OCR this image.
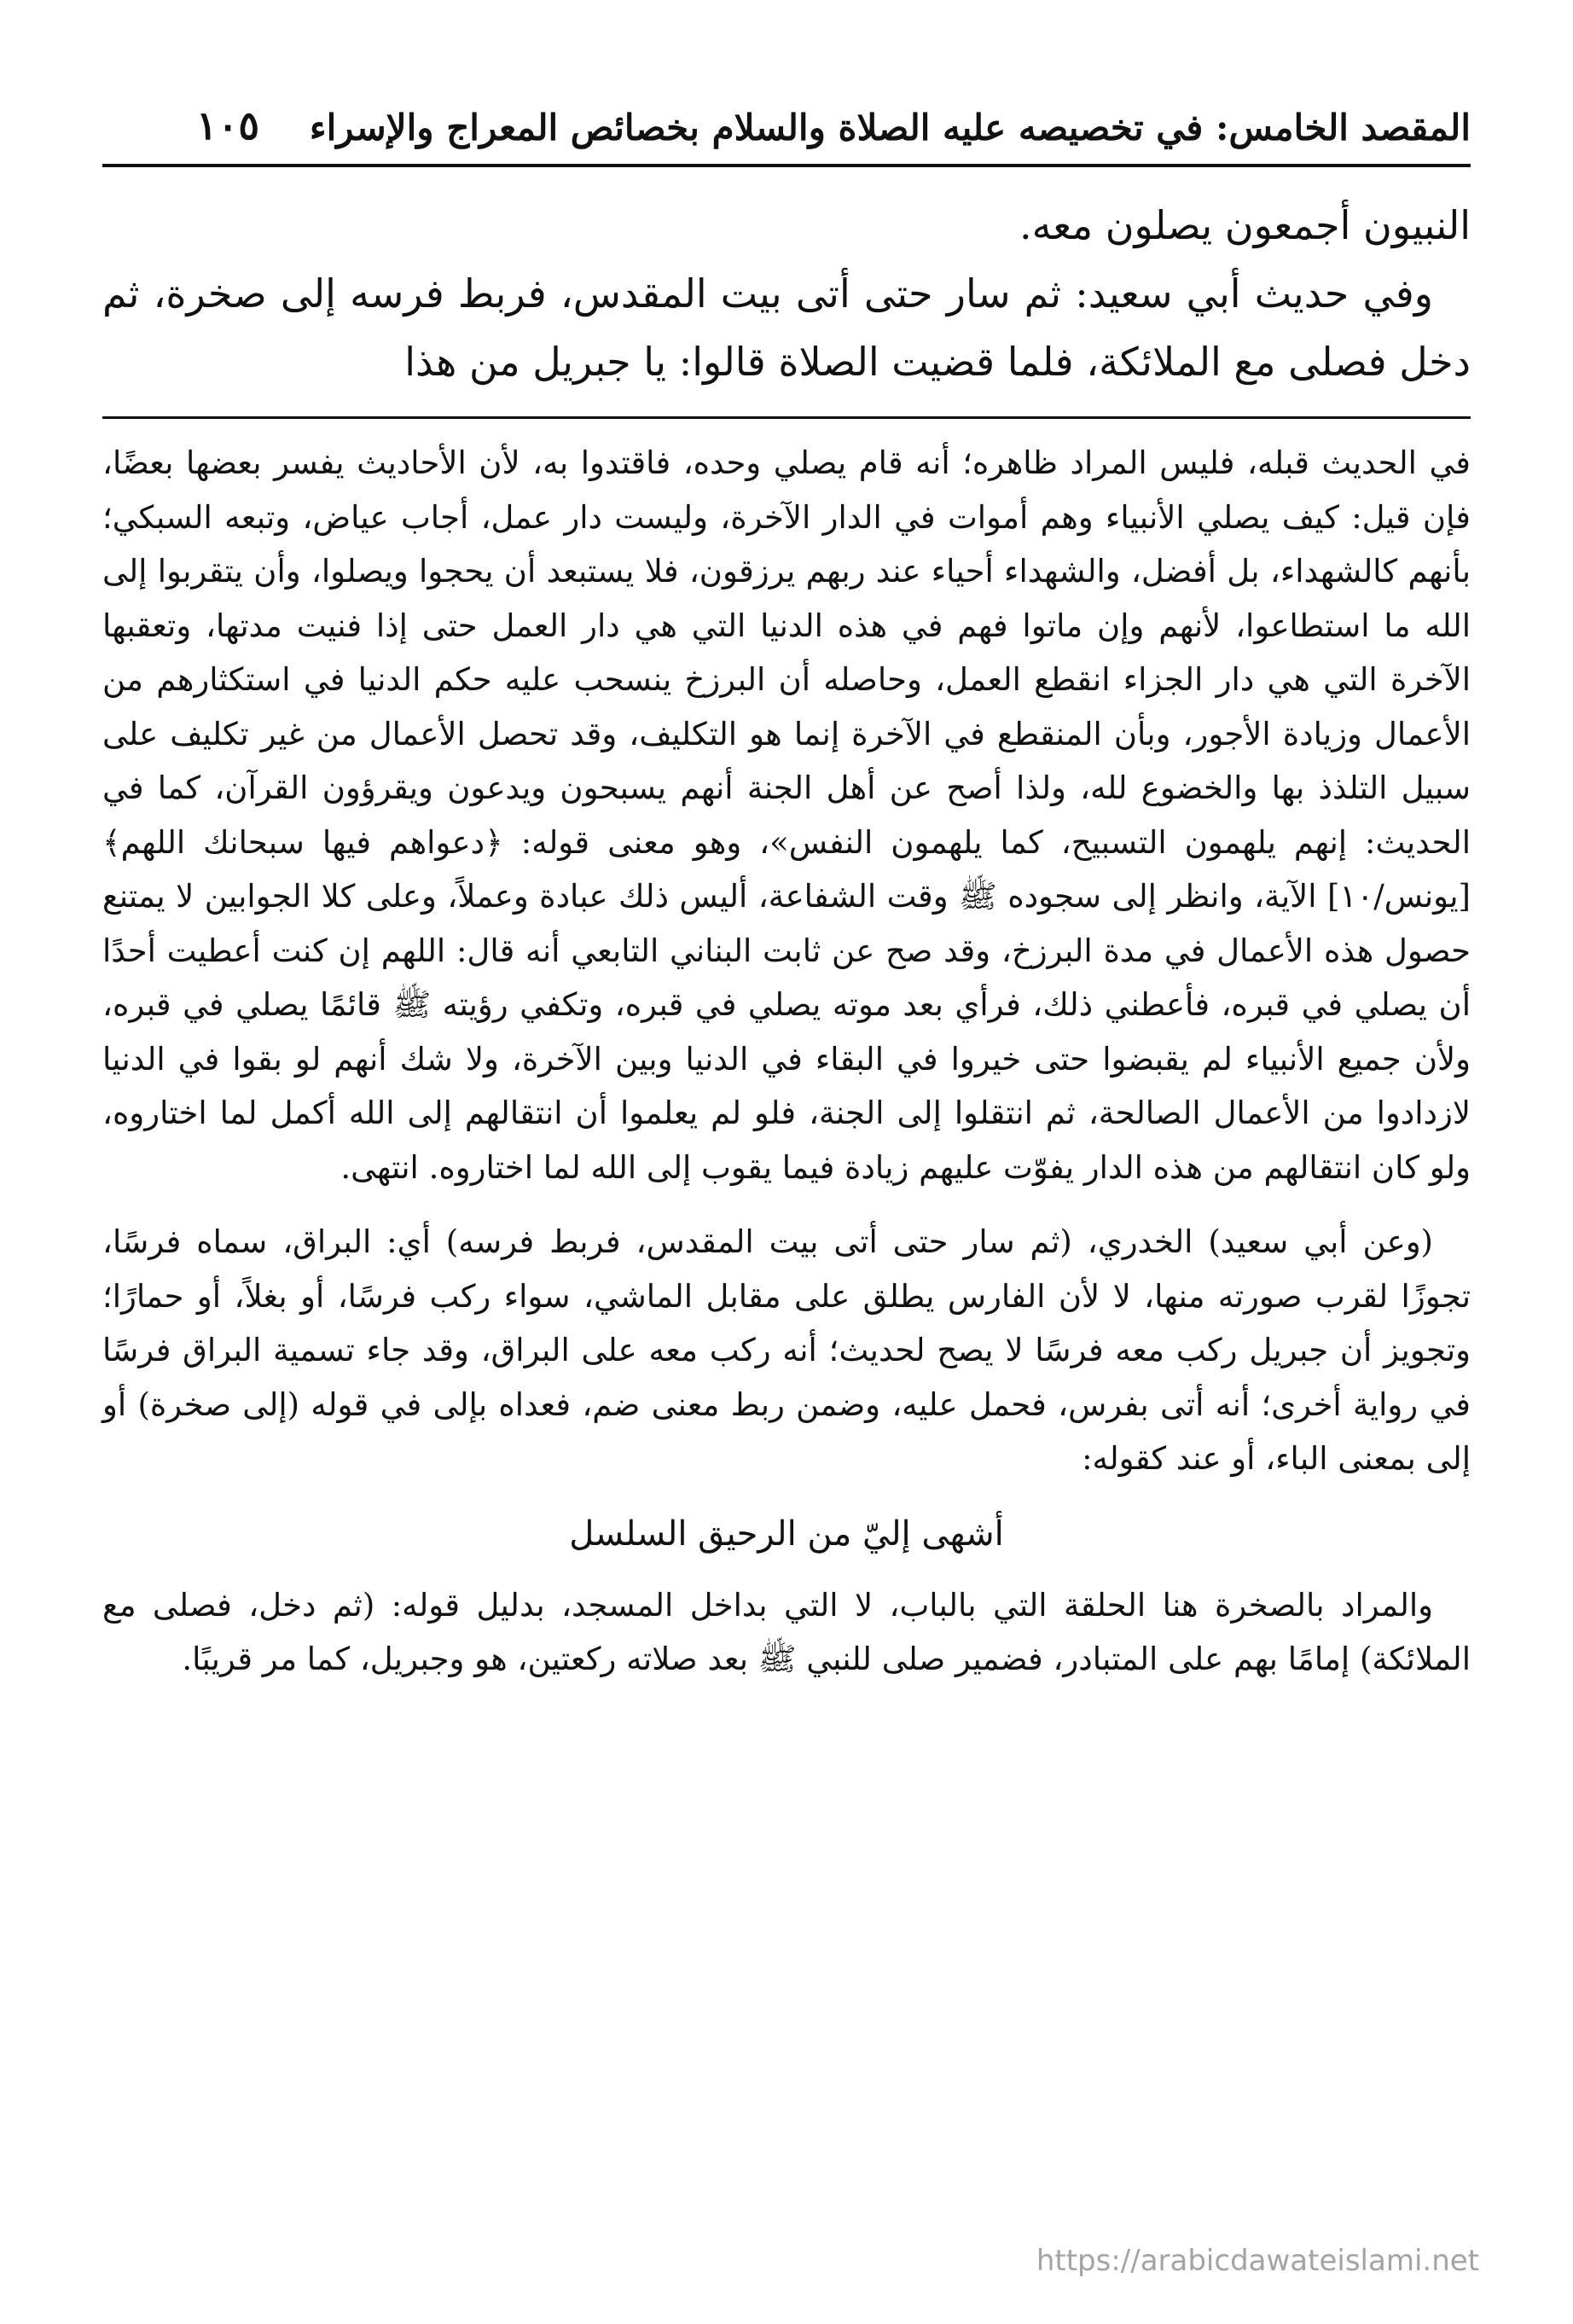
المقصد الخامس: في تخصيصه عليه الصلاة والسلام بخصائص المعراج والإسراء
١٠٥

النبيون أجمعون يصلون معه.

وفي حديث أبي سعيد: ثم سار حتى أتى بيت المقدس، فربط فرسه إلى صخرة، ثم دخل فصلى مع الملائكة، فلما قضيت الصلاة قالوا: يا جبريل من هذا

في الحديث قبله، فليس المراد ظاهره؛ أنه قام يصلي وحده، فاقتدوا به، لأن الأحاديث يفسر بعضها بعضًا، فإن قيل: كيف يصلي الأنبياء وهم أموات في الدار الآخرة، وليست دار عمل، أجاب عياض، وتبعه السبكي؛ بأنهم كالشهداء، بل أفضل، والشهداء أحياء عند ربهم يرزقون، فلا يستبعد أن يحجوا ويصلوا، وأن يتقربوا إلى الله ما استطاعوا، لأنهم وإن ماتوا فهم في هذه الدنيا التي هي دار العمل حتى إذا فنيت مدتها، وتعقبها الآخرة التي هي دار الجزاء انقطع العمل، وحاصله أن البرزخ ينسحب عليه حكم الدنيا في استكثارهم من الأعمال وزيادة الأجور، وبأن المنقطع في الآخرة إنما هو التكليف، وقد تحصل الأعمال من غير تكليف على سبيل التلذذ بها والخضوع لله، ولذا أصح عن أهل الجنة أنهم يسبحون ويدعون ويقرؤون القرآن، كما في الحديث: إنهم يلهمون التسبيح، كما يلهمون النفس»، وهو معنى قوله: ﴿دعواهم فيها سبحانك اللهم﴾ [يونس/١٠] الآية، وانظر إلى سجوده ﷺ وقت الشفاعة، أليس ذلك عبادة وعملاً، وعلى كلا الجوابين لا يمتنع حصول هذه الأعمال في مدة البرزخ، وقد صح عن ثابت البناني التابعي أنه قال: اللهم إن كنت أعطيت أحدًا أن يصلي في قبره، فأعطني ذلك، فرأي بعد موته يصلي في قبره، وتكفي رؤيته ﷺ قائمًا يصلي في قبره، ولأن جميع الأنبياء لم يقبضوا حتى خيروا في البقاء في الدنيا وبين الآخرة، ولا شك أنهم لو بقوا في الدنيا لازدادوا من الأعمال الصالحة، ثم انتقلوا إلى الجنة، فلو لم يعلموا أن انتقالهم إلى الله أكمل لما اختاروه، ولو كان انتقالهم من هذه الدار يفوّت عليهم زيادة فيما يقوب إلى الله لما اختاروه. انتهى.

(وعن أبي سعيد) الخدري، (ثم سار حتى أتى بيت المقدس، فربط فرسه) أي: البراق، سماه فرسًا، تجوزًا لقرب صورته منها، لا لأن الفارس يطلق على مقابل الماشي، سواء ركب فرسًا، أو بغلاً، أو حمارًا؛ وتجويز أن جبريل ركب معه فرسًا لا يصح لحديث؛ أنه ركب معه على البراق، وقد جاء تسمية البراق فرسًا في رواية أخرى؛ أنه أتى بفرس، فحمل عليه، وضمن ربط معنى ضم، فعداه بإلى في قوله (إلى صخرة) أو إلى بمعنى الباء، أو عند كقوله:

أشهى إليّ من الرحيق السلسل

والمراد بالصخرة هنا الحلقة التي بالباب، لا التي بداخل المسجد، بدليل قوله: (ثم دخل، فصلى مع الملائكة) إمامًا بهم على المتبادر، فضمير صلى للنبي ﷺ بعد صلاته ركعتين، هو وجبريل، كما مر قريبًا.

https://arabicdawateislami.net
